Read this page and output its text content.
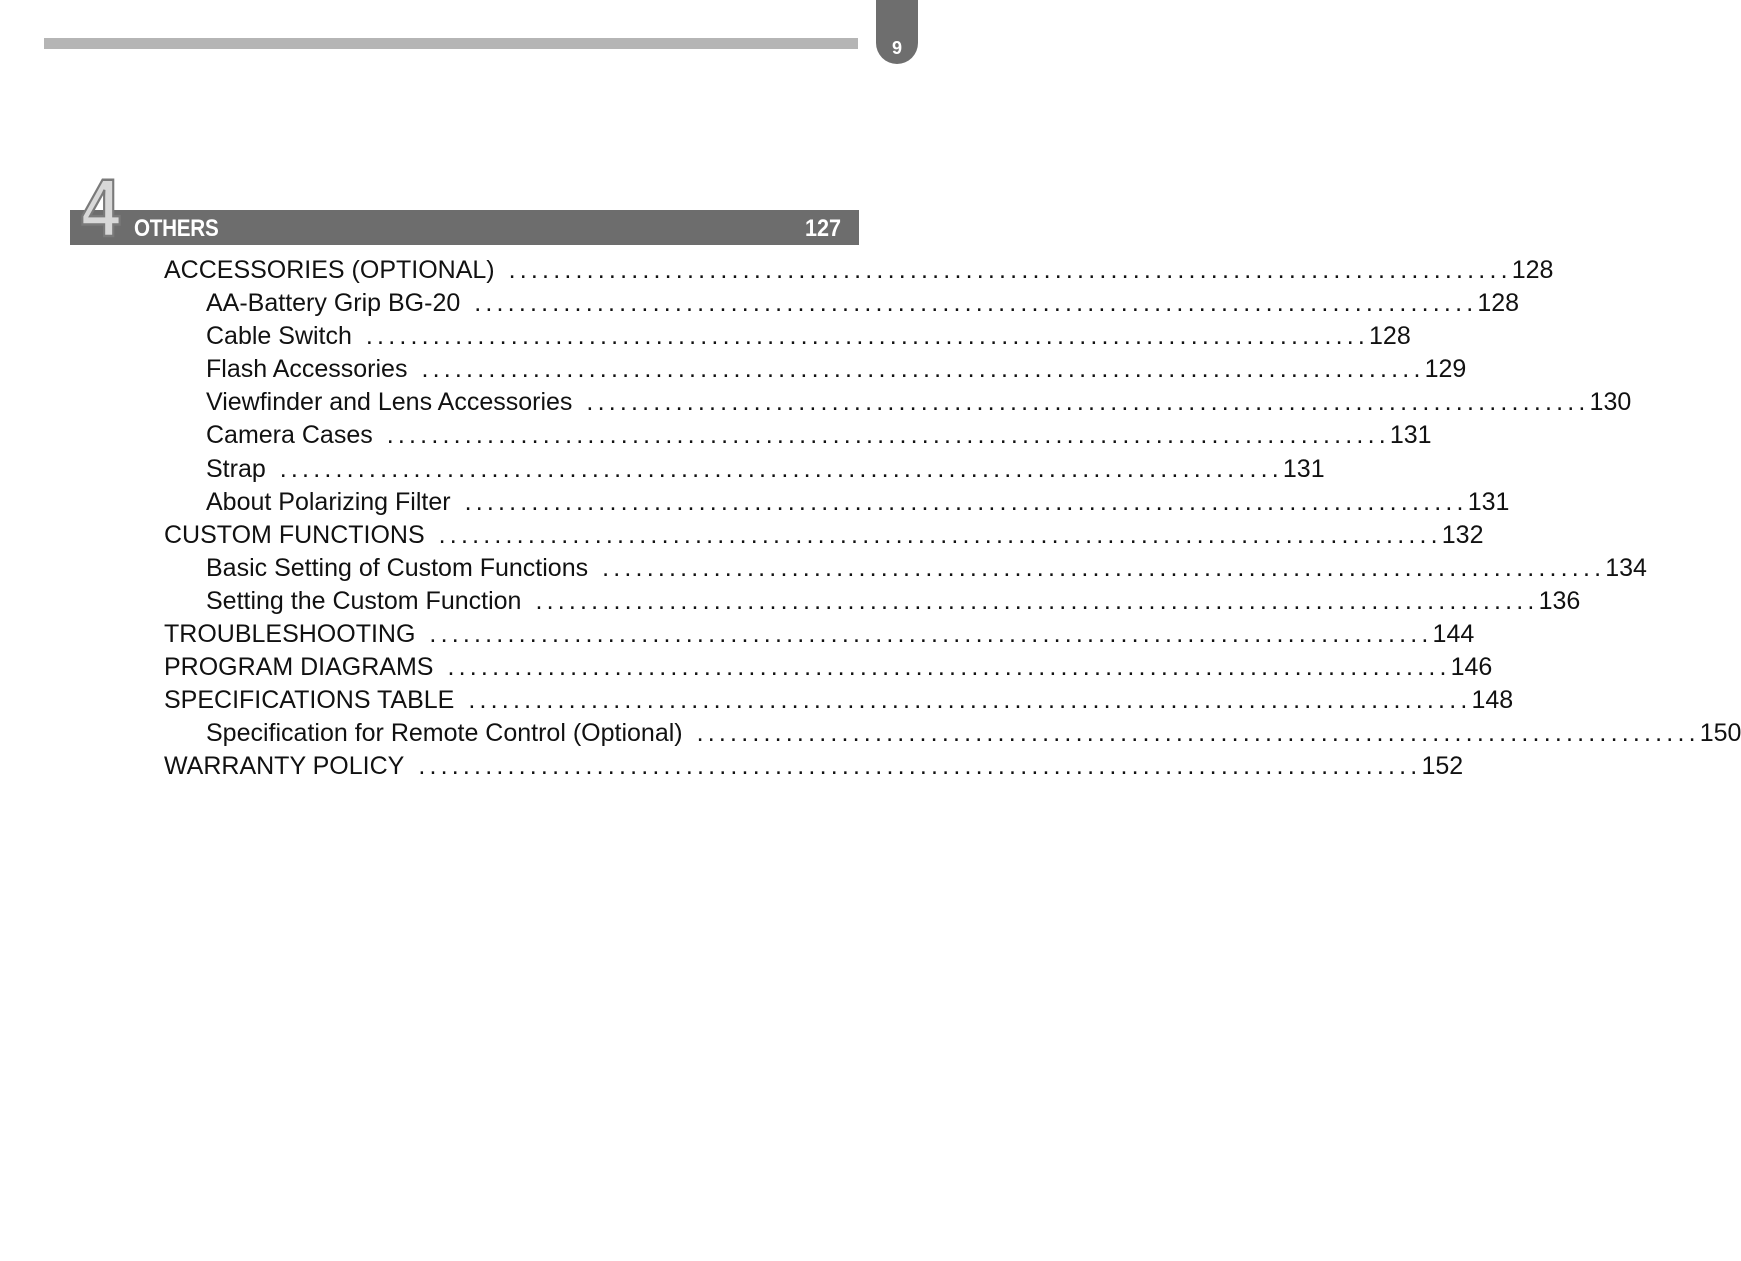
9
4 OTHERS	127
ACCESSORIES (OPTIONAL) .......................................................................................... 128
AA-Battery Grip BG-20 .......................................................................................... 128
Cable Switch .......................................................................................... 128
Flash Accessories .......................................................................................... 129
Viewfinder and Lens Accessories .......................................................................................... 130
Camera Cases .......................................................................................... 131
Strap .......................................................................................... 131
About Polarizing Filter .......................................................................................... 131
CUSTOM FUNCTIONS .......................................................................................... 132
Basic Setting of Custom Functions .......................................................................................... 134
Setting the Custom Function .......................................................................................... 136
TROUBLESHOOTING .......................................................................................... 144
PROGRAM DIAGRAMS .......................................................................................... 146
SPECIFICATIONS TABLE .......................................................................................... 148
Specification for Remote Control (Optional) .......................................................................................... 150
WARRANTY POLICY .......................................................................................... 152
